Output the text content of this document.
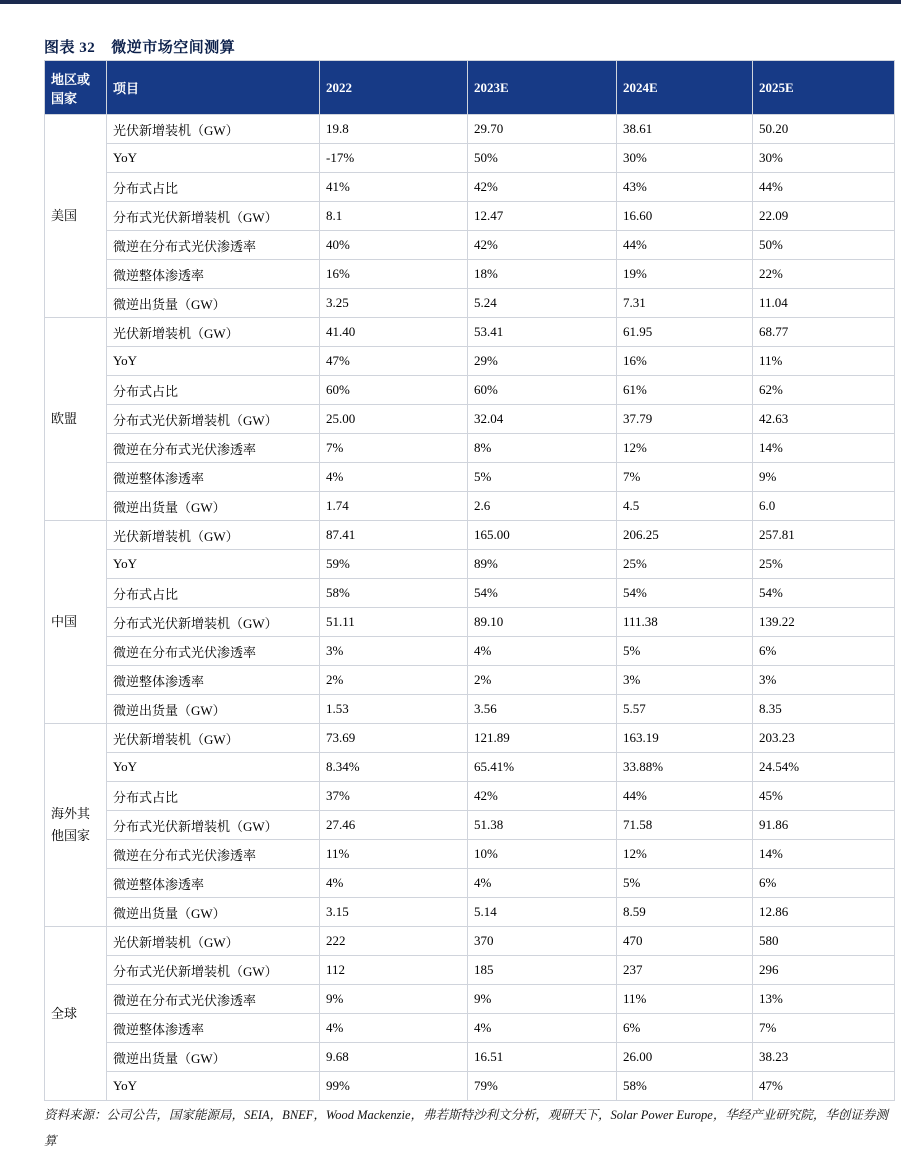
图表 32 微逆市场空间测算
地区或国家	项目	2022	2023E	2024E	2025E
美国	光伏新增装机（GW）	19.8	29.70	38.61	50.20
	YoY	-17%	50%	30%	30%
	分布式占比	41%	42%	43%	44%
	分布式光伏新增装机（GW）	8.1	12.47	16.60	22.09
	微逆在分布式光伏渗透率	40%	42%	44%	50%
	微逆整体渗透率	16%	18%	19%	22%
	微逆出货量（GW）	3.25	5.24	7.31	11.04
欧盟	光伏新增装机（GW）	41.40	53.41	61.95	68.77
	YoY	47%	29%	16%	11%
	分布式占比	60%	60%	61%	62%
	分布式光伏新增装机（GW）	25.00	32.04	37.79	42.63
	微逆在分布式光伏渗透率	7%	8%	12%	14%
	微逆整体渗透率	4%	5%	7%	9%
	微逆出货量（GW）	1.74	2.6	4.5	6.0
中国	光伏新增装机（GW）	87.41	165.00	206.25	257.81
	YoY	59%	89%	25%	25%
	分布式占比	58%	54%	54%	54%
	分布式光伏新增装机（GW）	51.11	89.10	111.38	139.22
	微逆在分布式光伏渗透率	3%	4%	5%	6%
	微逆整体渗透率	2%	2%	3%	3%
	微逆出货量（GW）	1.53	3.56	5.57	8.35
海外其他国家	光伏新增装机（GW）	73.69	121.89	163.19	203.23
	YoY	8.34%	65.41%	33.88%	24.54%
	分布式占比	37%	42%	44%	45%
	分布式光伏新增装机（GW）	27.46	51.38	71.58	91.86
	微逆在分布式光伏渗透率	11%	10%	12%	14%
	微逆整体渗透率	4%	4%	5%	6%
	微逆出货量（GW）	3.15	5.14	8.59	12.86
全球	光伏新增装机（GW）	222	370	470	580
	分布式光伏新增装机（GW）	112	185	237	296
	微逆在分布式光伏渗透率	9%	9%	11%	13%
	微逆整体渗透率	4%	4%	6%	7%
	微逆出货量（GW）	9.68	16.51	26.00	38.23
	YoY	99%	79%	58%	47%
资料来源：公司公告，国家能源局，SEIA，BNEF，Wood Mackenzie，弗若斯特沙利文分析，观研天下，Solar Power Europe，华经产业研究院，华创证券测算
